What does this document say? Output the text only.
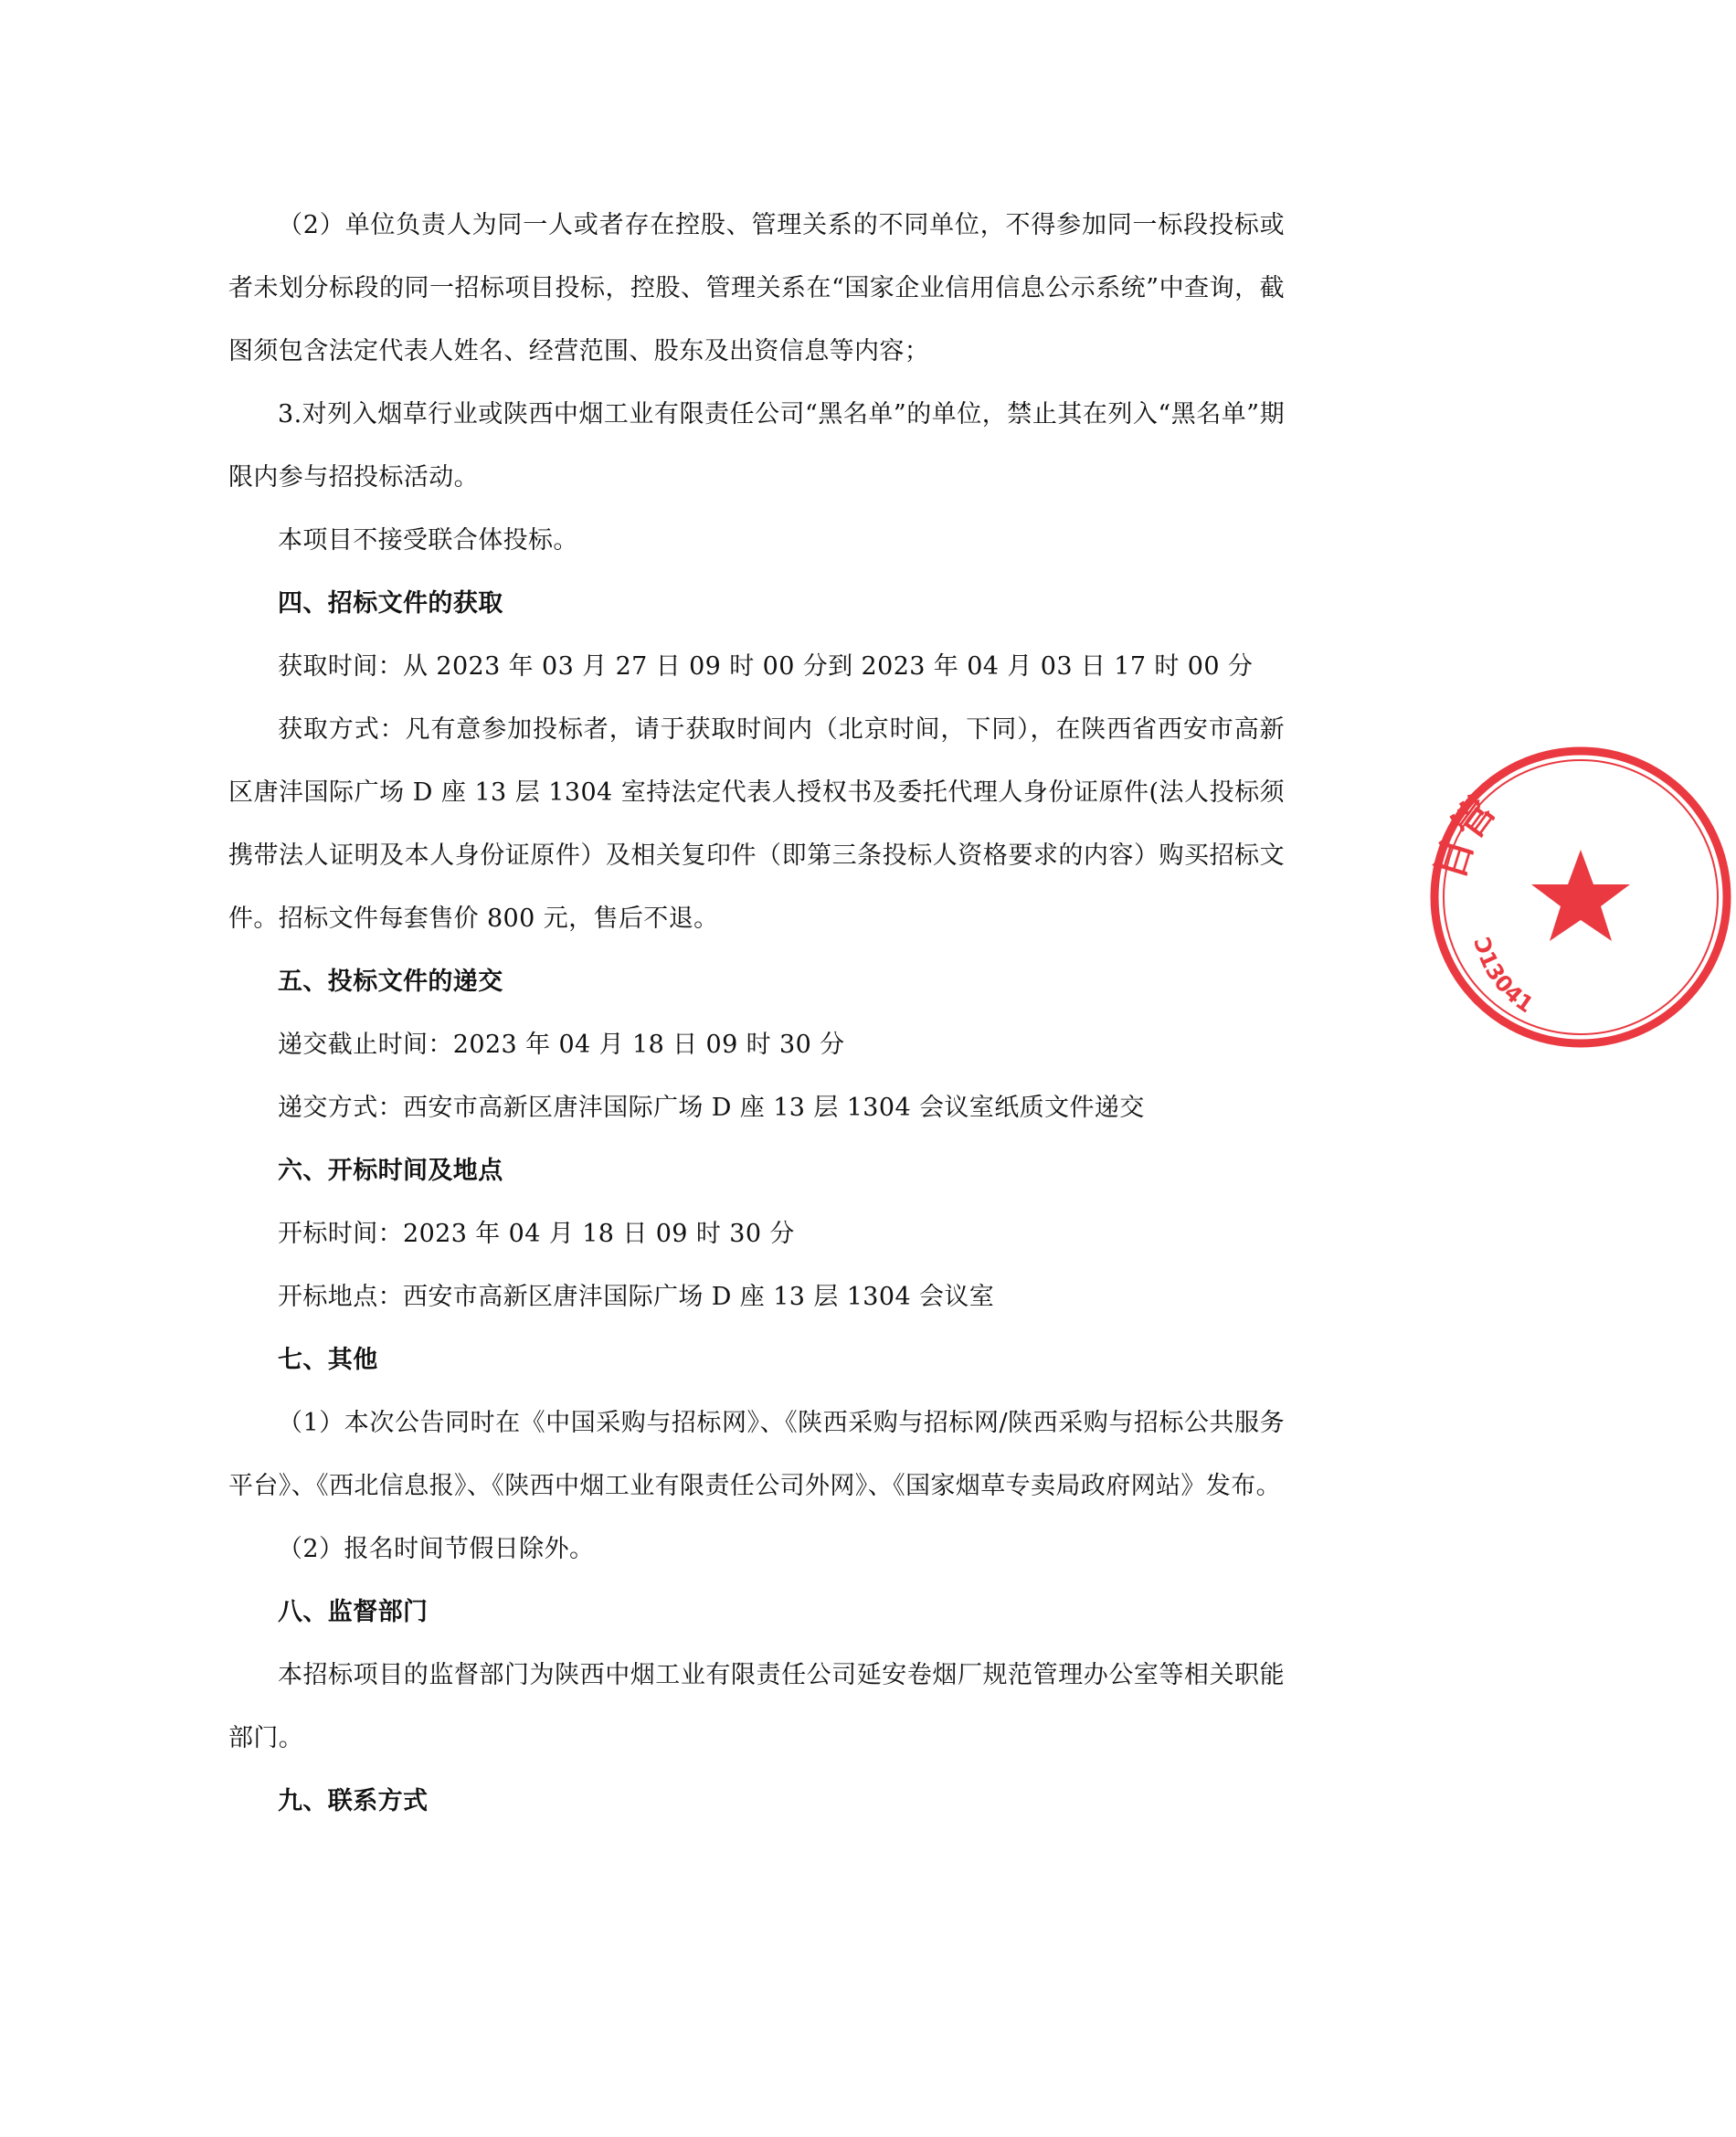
（2）单位负责人为同一人或者存在控股、管理关系的不同单位，不得参加同一标段投标或者未划分标段的同一招标项目投标，控股、管理关系在“国家企业信用信息公示系统”中查询，截图须包含法定代表人姓名、经营范围、股东及出资信息等内容；

3.对列入烟草行业或陕西中烟工业有限责任公司“黑名单”的单位，禁止其在列入“黑名单”期限内参与招投标活动。

本项目不接受联合体投标。

四、招标文件的获取

获取时间：从 2023 年 03 月 27 日 09 时 00 分到 2023 年 04 月 03 日 17 时 00 分

获取方式：凡有意参加投标者，请于获取时间内（北京时间，下同），在陕西省西安市高新区唐沣国际广场 D 座 13 层 1304 室持法定代表人授权书及委托代理人身份证原件(法人投标须携带法人证明及本人身份证原件）及相关复印件（即第三条投标人资格要求的内容）购买招标文件。招标文件每套售价 800 元，售后不退。

五、投标文件的递交

递交截止时间：2023 年 04 月 18 日 09 时 30 分

递交方式：西安市高新区唐沣国际广场 D 座 13 层 1304 会议室纸质文件递交

六、开标时间及地点

开标时间：2023 年 04 月 18 日 09 时 30 分

开标地点：西安市高新区唐沣国际广场 D 座 13 层 1304 会议室

七、其他

（1）本次公告同时在《中国采购与招标网》、《陕西采购与招标网/陕西采购与招标公共服务平台》、《西北信息报》、《陕西中烟工业有限责任公司外网》、《国家烟草专卖局政府网站》发布。

（2）报名时间节假日除外。

八、监督部门

本招标项目的监督部门为陕西中烟工业有限责任公司延安卷烟厂规范管理办公室等相关职能部门。

九、联系方式

目管
Ɔ13041
